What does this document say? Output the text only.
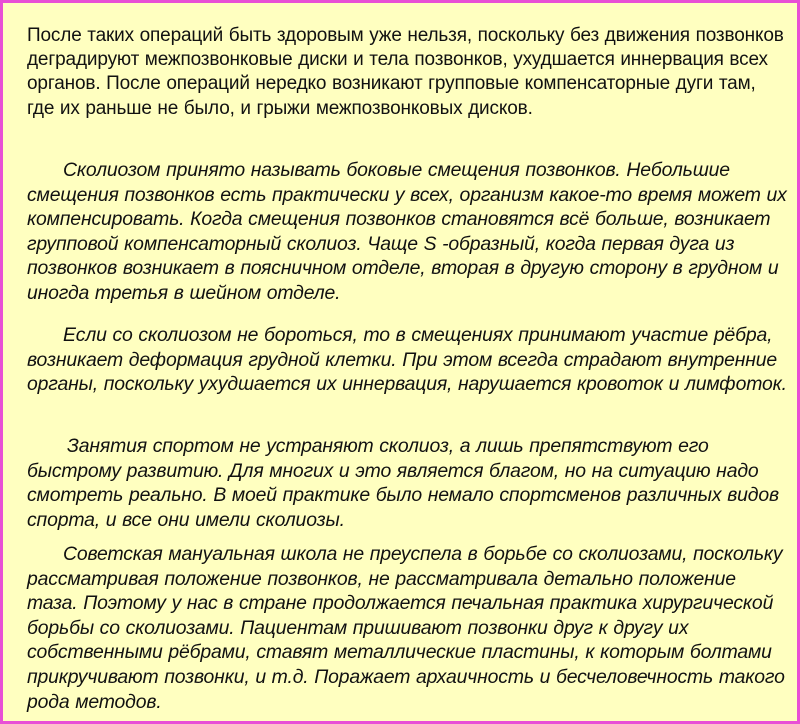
После таких операций быть здоровым уже нельзя, поскольку без движения позвонков деградируют межпозвонковые диски и тела позвонков, ухудшается иннервация всех органов. После операций нередко возникают групповые компенсаторные дуги там, где их раньше не было, и грыжи межпозвонковых дисков.

Сколиозом принято называть боковые смещения позвонков. Небольшие смещения позвонков есть практически у всех, организм какое-то время может их компенсировать. Когда смещения позвонков становятся всё больше, возникает групповой компенсаторный сколиоз. Чаще S -образный, когда первая дуга из позвонков возникает в поясничном отделе, вторая в другую сторону в грудном и иногда третья в шейном отделе.

Если со сколиозом не бороться, то в смещениях принимают участие рёбра, возникает деформация грудной клетки. При этом всегда страдают внутренние органы, поскольку ухудшается их иннервация, нарушается кровоток и лимфоток.

Занятия спортом не устраняют сколиоз, а лишь препятствуют его быстрому развитию. Для многих и это является благом, но на ситуацию надо смотреть реально. В моей практике было немало спортсменов различных видов спорта, и все они имели сколиозы.

Советская мануальная школа не преуспела в борьбе со сколиозами, поскольку рассматривая положение позвонков, не рассматривала детально положение таза. Поэтому у нас в стране продолжается печальная практика хирургической борьбы со сколиозами. Пациентам пришивают позвонки друг к другу их собственными рёбрами, ставят металлические пластины, к которым болтами прикручивают позвонки, и т.д. Поражает архаичность и бесчеловечность такого рода методов.
